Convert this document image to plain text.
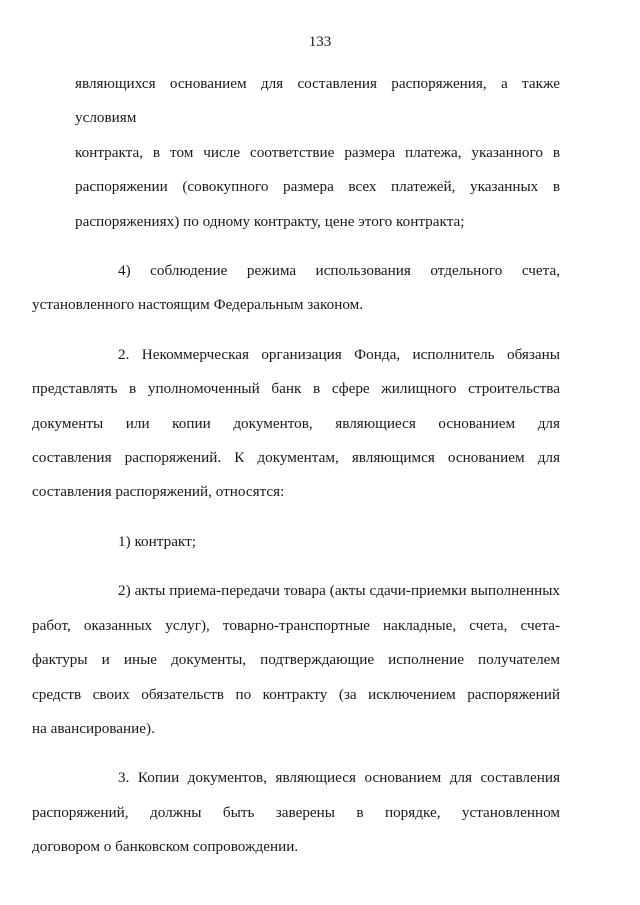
133

являющихся основанием для составления распоряжения, а также условиям
контракта, в том числе соответствие размера платежа, указанного в
распоряжении (совокупного размера всех платежей, указанных в
распоряжениях) по одному контракту, цене этого контракта;

4) соблюдение режима использования отдельного счета,
установленного настоящим Федеральным законом.

2. Некоммерческая организация Фонда, исполнитель обязаны
представлять в уполномоченный банк в сфере жилищного строительства
документы или копии документов, являющиеся основанием для
составления распоряжений. К документам, являющимся основанием для
составления распоряжений, относятся:

1) контракт;

2) акты приема-передачи товара (акты сдачи-приемки выполненных
работ, оказанных услуг), товарно-транспортные накладные, счета, счета-
фактуры и иные документы, подтверждающие исполнение получателем
средств своих обязательств по контракту (за исключением распоряжений
на авансирование).

3. Копии документов, являющиеся основанием для составления
распоряжений, должны быть заверены в порядке, установленном
договором о банковском сопровождении.
